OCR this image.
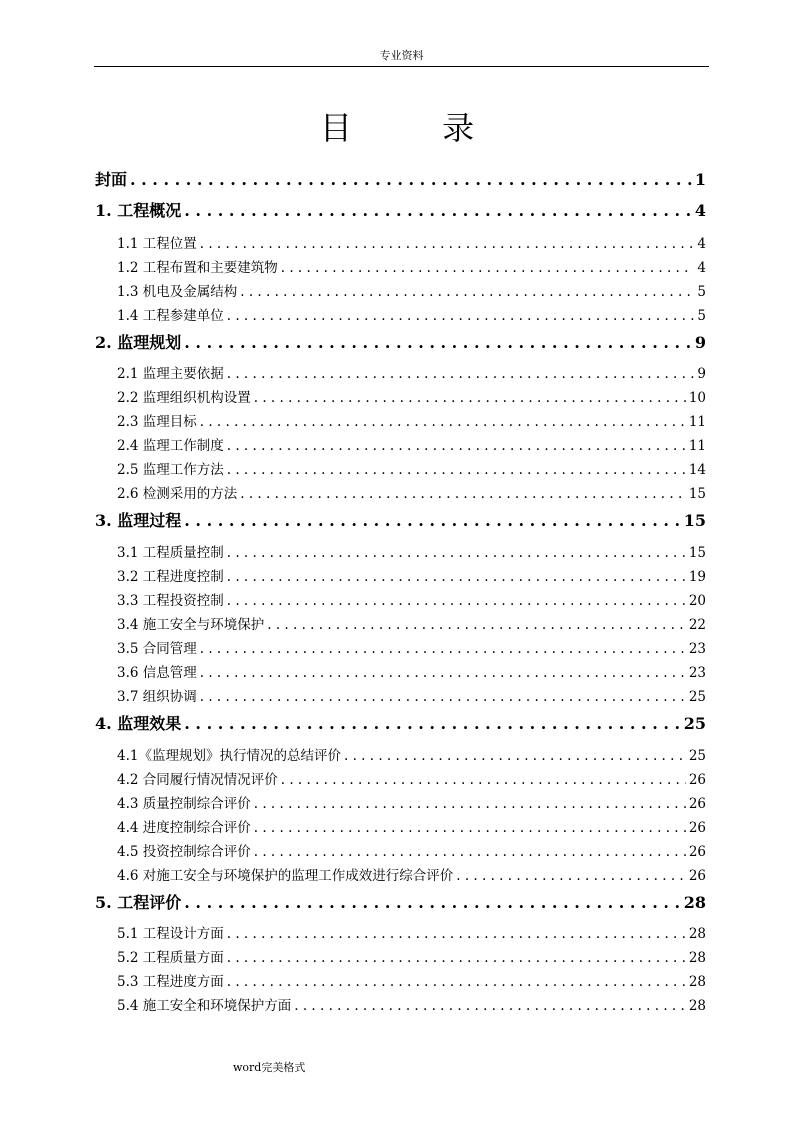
专业资料
目 录
封面 . . .	1
1. 工程概况 . . .	4
1.1 工程位置 . . .	4
1.2 工程布置和主要建筑物 . . .	4
1.3 机电及金属结构 . . .	5
1.4 工程参建单位 . . .	5
2. 监理规划 . . .	9
2.1 监理主要依据 . . .	9
2.2 监理组织机构设置 . . .	10
2.3 监理目标 . . .	11
2.4 监理工作制度 . . .	11
2.5 监理工作方法 . . .	14
2.6 检测采用的方法 . . .	15
3. 监理过程 . . .	15
3.1 工程质量控制 . . .	15
3.2 工程进度控制 . . .	19
3.3 工程投资控制 . . .	20
3.4 施工安全与环境保护 . . .	22
3.5 合同管理 . . .	23
3.6 信息管理 . . .	23
3.7 组织协调 . . .	25
4. 监理效果 . . .	25
4.1《监理规划》执行情况的总结评价 . . .	25
4.2 合同履行情况情况评价 . . .	26
4.3 质量控制综合评价 . . .	26
4.4 进度控制综合评价 . . .	26
4.5 投资控制综合评价 . . .	26
4.6 对施工安全与环境保护的监理工作成效进行综合评价 . . .	26
5. 工程评价 . . .	28
5.1 工程设计方面 . . .	28
5.2 工程质量方面 . . .	28
5.3 工程进度方面 . . .	28
5.4 施工安全和环境保护方面 . . .	28
word完美格式
